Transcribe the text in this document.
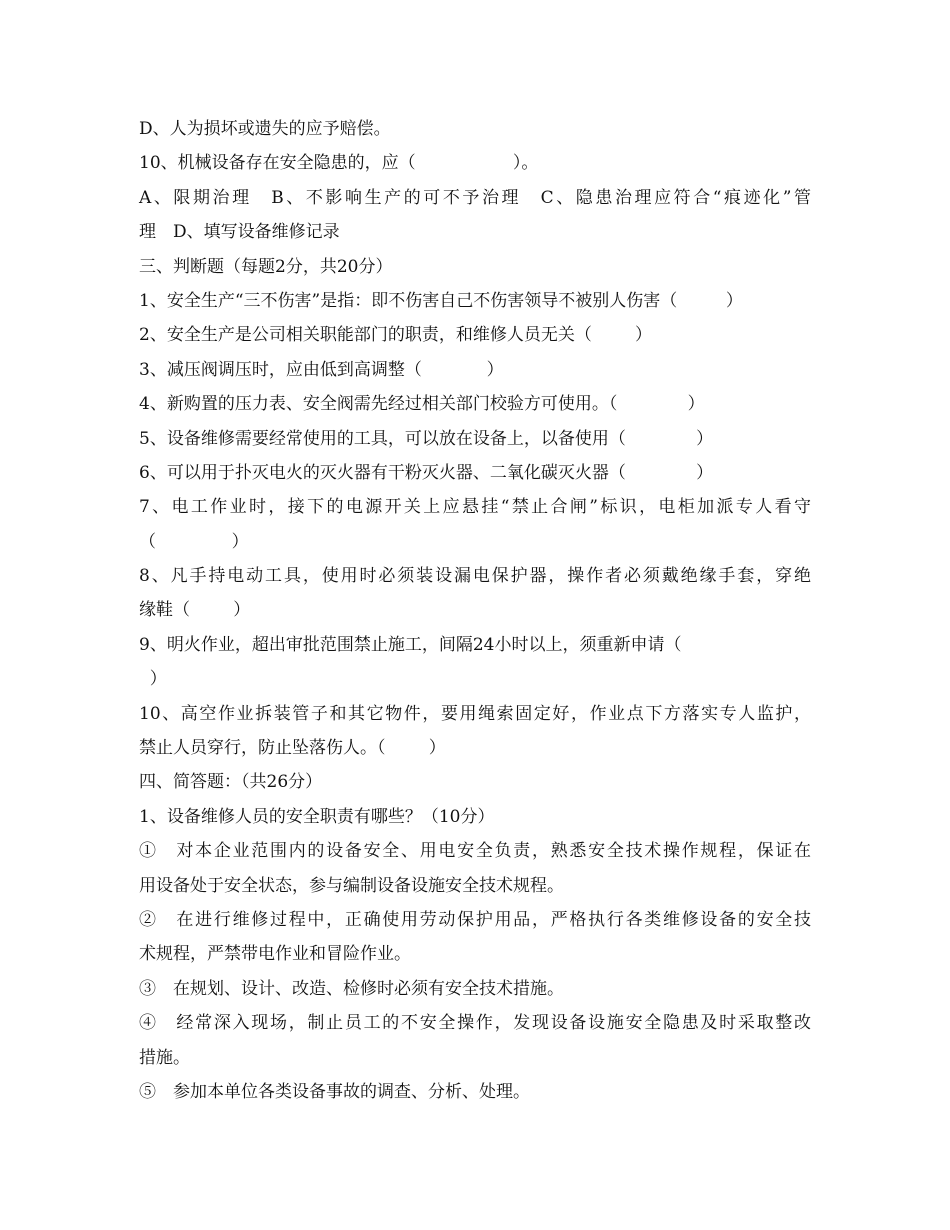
D、人为损坏或遗失的应予赔偿。
10、机械设备存在安全隐患的，应（                  ）。
A、限期治理　B、不影响生产的可不予治理　C、隐患治理应符合“痕迹化”管
理　D、填写设备维修记录
三、判断题（每题2分，共20分）
1、安全生产“三不伤害”是指：即不伤害自己不伤害领导不被别人伤害（         ）
2、安全生产是公司相关职能部门的职责，和维修人员无关（        ）
3、减压阀调压时，应由低到高调整（            ）
4、新购置的压力表、安全阀需先经过相关部门校验方可使用。（             ）
5、设备维修需要经常使用的工具，可以放在设备上，以备使用（             ）
6、可以用于扑灭电火的灭火器有干粉灭火器、二氧化碳灭火器（             ）
7、电工作业时，接下的电源开关上应悬挂“禁止合闸”标识，电柜加派专人看守
（              ）
8、凡手持电动工具，使用时必须装设漏电保护器，操作者必须戴绝缘手套，穿绝
缘鞋（        ）
9、明火作业，超出审批范围禁止施工，间隔24小时以上，须重新申请（
）
10、高空作业拆装管子和其它物件，要用绳索固定好，作业点下方落实专人监护，
禁止人员穿行，防止坠落伤人。（        ）
四、简答题：（共26分）
1、设备维修人员的安全职责有哪些？（10分）
①　对本企业范围内的设备安全、用电安全负责，熟悉安全技术操作规程，保证在
用设备处于安全状态，参与编制设备设施安全技术规程。
②　在进行维修过程中，正确使用劳动保护用品，严格执行各类维修设备的安全技
术规程，严禁带电作业和冒险作业。
③　在规划、设计、改造、检修时必须有安全技术措施。
④　经常深入现场，制止员工的不安全操作，发现设备设施安全隐患及时采取整改
措施。
⑤　参加本单位各类设备事故的调查、分析、处理。
